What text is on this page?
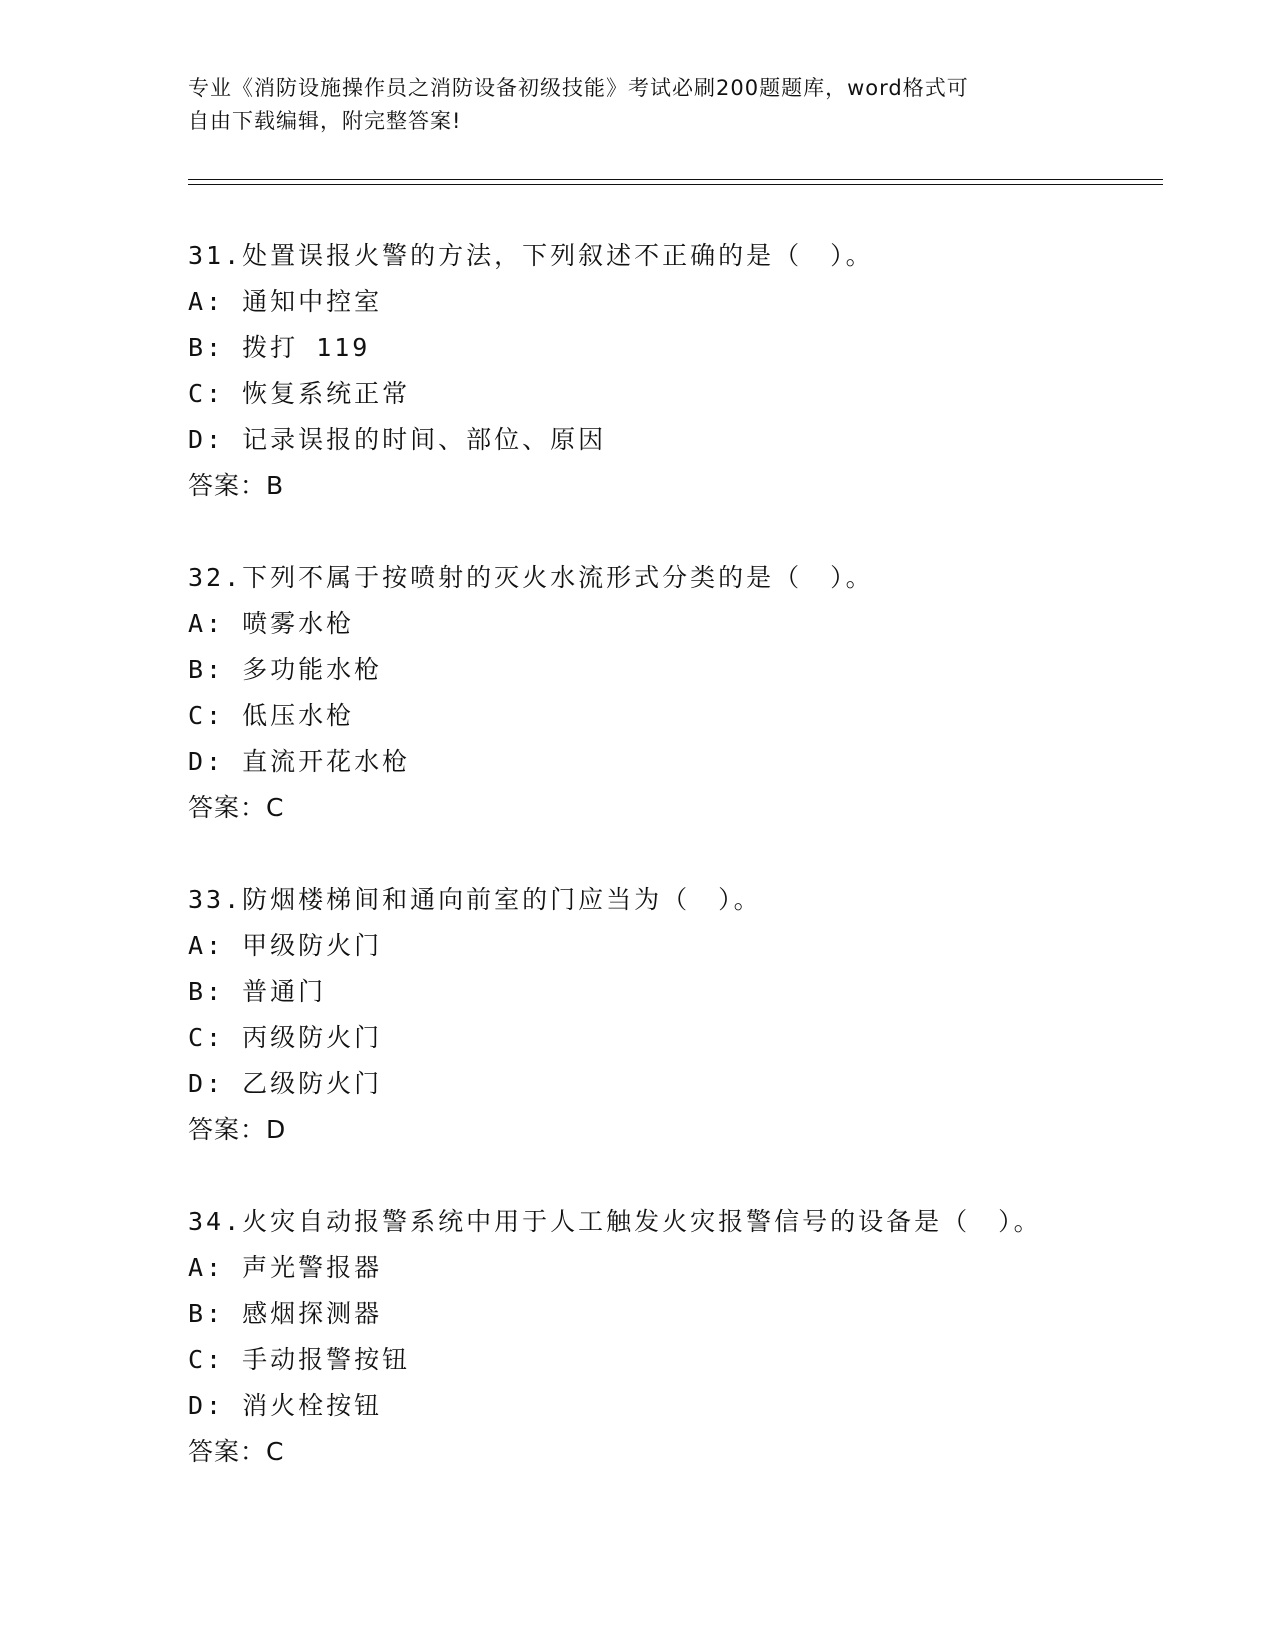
专业《消防设施操作员之消防设备初级技能》考试必刷200题题库，word格式可
自由下载编辑，附完整答案!
31.处置误报火警的方法，下列叙述不正确的是（　）。
A: 通知中控室
B: 拨打 119
C: 恢复系统正常
D: 记录误报的时间、部位、原因
答案：B
32.下列不属于按喷射的灭火水流形式分类的是（　）。
A: 喷雾水枪
B: 多功能水枪
C: 低压水枪
D: 直流开花水枪
答案：C
33.防烟楼梯间和通向前室的门应当为（　）。
A: 甲级防火门
B: 普通门
C: 丙级防火门
D: 乙级防火门
答案：D
34.火灾自动报警系统中用于人工触发火灾报警信号的设备是（　）。
A: 声光警报器
B: 感烟探测器
C: 手动报警按钮
D: 消火栓按钮
答案：C
